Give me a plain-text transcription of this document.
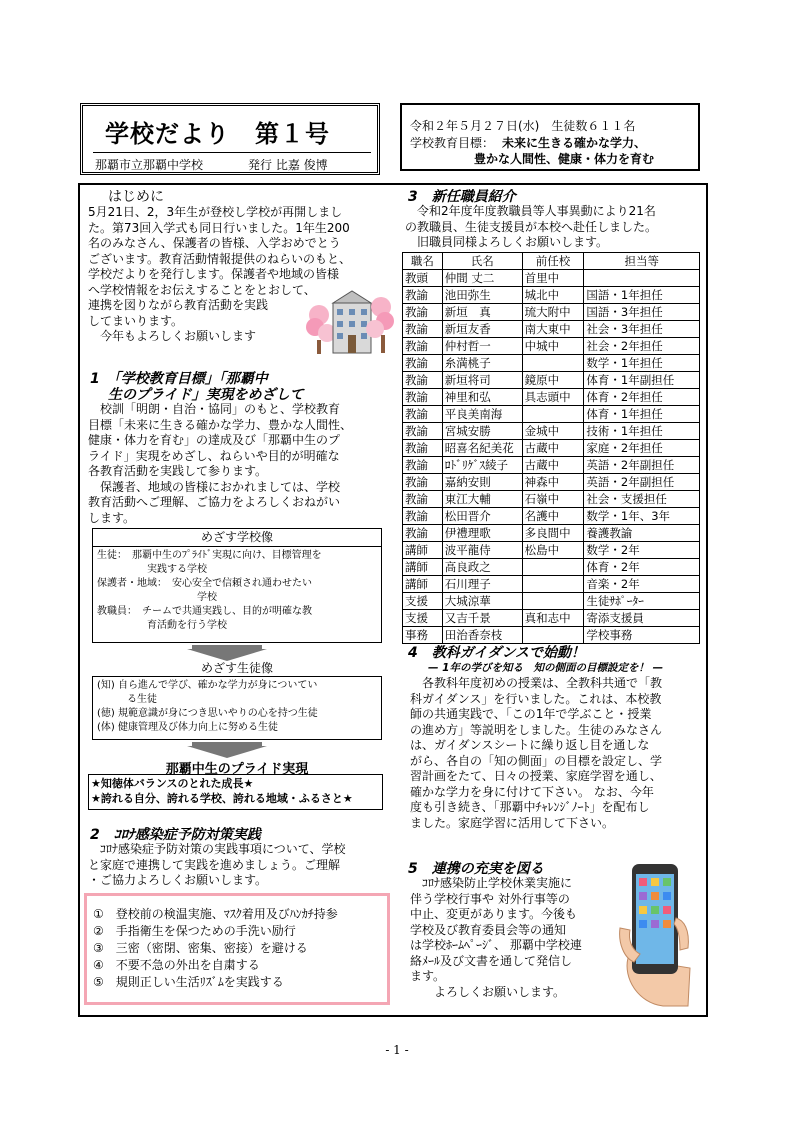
学校だより　第１号
那覇市立那覇中学校	発行 比嘉 俊博
令和２年５月２７日(水)　生徒数６１１名
学校教育目標： 未来に生きる確かな学力、
豊かな人間性、健康・体力を育む
はじめに
5月21日、2，3年生が登校し学校が再開しまし
た。第73回入学式も同日行いました。1年生200
名のみなさん、保護者の皆様、入学おめでとう
ございます。教育活動情報提供のねらいのもと、
学校だよりを発行します。保護者や地域の皆様
へ学校情報をお伝えすることをとおして、
連携を図りながら教育活動を実践
してまいります。
　今年もよろしくお願いします
1　「学校教育目標」「那覇中
生のプライド」実現をめざして
　校訓「明朗・自治・協同」のもと、学校教育
目標「未来に生きる確かな学力、豊かな人間性、
健康・体力を育む」の達成及び「那覇中生のプ
ライド」実現をめざし、ねらいや目的が明確な
各教育活動を実践して参ります。
　保護者、地域の皆様におかれましては、学校
教育活動へご理解、ご協力をよろしくおねがい
します。
めざす学校像
生徒：　那覇中生のﾌﾟﾗｲﾄﾞ実現に向け、目標管理を
　　　　　実践する学校
保護者・地域：　安心安全で信頼され通わせたい
　　　　　　　　　　学校
教職員：　チームで共通実践し、目的が明確な教
　　　　　育活動を行う学校
めざす生徒像
(知) 自ら進んで学び、確かな学力が身についてい
　　　る生徒
(徳) 規範意識が身につき思いやりの心を持つ生徒
(体) 健康管理及び体力向上に努める生徒
那覇中生のプライド実現
★知徳体バランスのとれた成長★
★誇れる自分、誇れる学校、誇れる地域・ふるさと★
2　ｺﾛﾅ感染症予防対策実践
　ｺﾛﾅ感染症予防対策の実践事項について、学校
と家庭で連携して実践を進めましょう。ご理解
・ご協力よろしくお願いします。
①　登校前の検温実施、ﾏｽｸ着用及びﾊﾝｶﾁ持参
②　手指衛生を保つための手洗い励行
③　三密（密閉、密集、密接）を避ける
④　不要不急の外出を自粛する
⑤　規則正しい生活ﾘｽﾞﾑを実践する
3　新任職員紹介
　令和2年度年度教職員等人事異動により21名
の教職員、生徒支援員が本校へ赴任しました。
　旧職員同様よろしくお願いします。
職名	氏名	前任校	担当等
教頭	仲間 丈二	首里中	
教諭	池田弥生	城北中	国語・1年担任
教諭	新垣　真	琉大附中	国語・3年担任
教諭	新垣友香	南大東中	社会・3年担任
教諭	仲村哲一	中城中	社会・2年担任
教諭	糸満桃子		数学・1年担任
教諭	新垣将司	鏡原中	体育・1年副担任
教諭	神里和弘	具志頭中	体育・2年担任
教諭	平良美南海		体育・1年担任
教諭	宮城安勝	金城中	技術・1年担任
教諭	昭喜名紀美花	古蔵中	家庭・2年担任
教諭	ﾛﾄﾞﾘｹﾞｽ綾子	古蔵中	英語・2年副担任
教諭	嘉納安則	神森中	英語・2年副担任
教諭	東江大輔	石嶺中	社会・支援担任
教諭	松田晋介	名護中	数学・1年、3年
教諭	伊禮理歌	多良間中	養護教諭
講師	波平龍侍	松島中	数学・2年
講師	高良政之		体育・2年
講師	石川理子		音楽・2年
支援	大城涼華		生徒ｻﾎﾟｰﾀｰ
支援	又吉千景	真和志中	寄添支援員
事務	田治香奈枝		学校事務
4　教科ガイダンスで始動！
— 1年の学びを知る　知の側面の目標設定を！ —
　各教科年度初めの授業は、全教科共通で「教
科ガイダンス」を行いました。これは、本校教
師の共通実践で、「この1年で学ぶこと・授業
の進め方」等説明をしました。生徒のみなさん
は、ガイダンスシートに繰り返し目を通しな
がら、各自の「知の側面」の目標を設定し、学
習計画をたて、日々の授業、家庭学習を通し、
確かな学力を身に付けて下さい。 なお、今年
度も引き続き、「那覇中ﾁｬﾚﾝｼﾞﾉｰﾄ」を配布し
ました。家庭学習に活用して下さい。
5　連携の充実を図る
　ｺﾛﾅ感染防止学校休業実施に
伴う学校行事や 対外行事等の
中止、変更があります。今後も
学校及び教育委員会等の通知
は学校ﾎｰﾑﾍﾟｰｼﾞ、 那覇中学校連
絡ﾒｰﾙ及び文書を通して発信し
ます。
　　よろしくお願いします。
- 1 -
